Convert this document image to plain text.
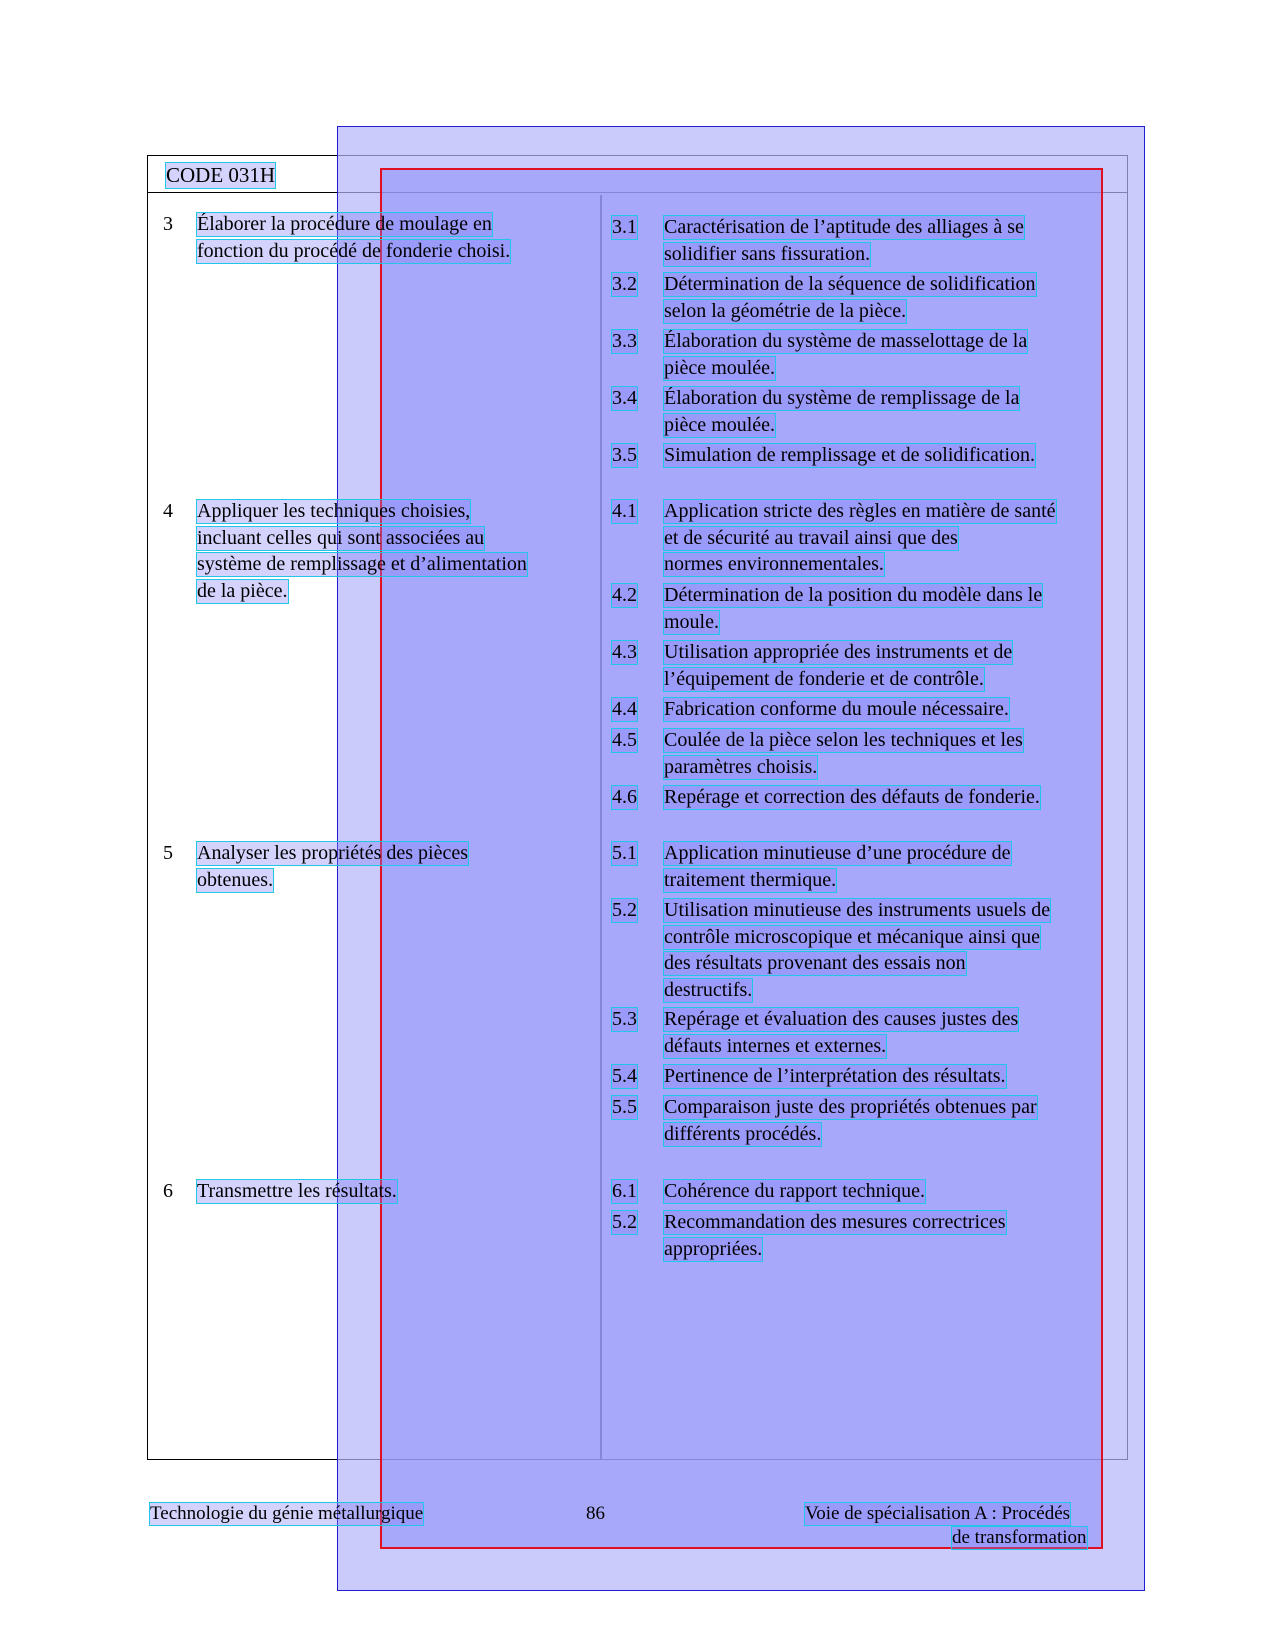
CODE 031H
3 Élaborer la procédure de moulage en
fonction du procédé de fonderie choisi.
4 Appliquer les techniques choisies,
incluant celles qui sont associées au
système de remplissage et d’alimentation
de la pièce.
5 Analyser les propriétés des pièces
obtenues.
6 Transmettre les résultats.
3.1 Caractérisation de l’aptitude des alliages à se
solidifier sans fissuration.
3.2 Détermination de la séquence de solidification
selon la géométrie de la pièce.
3.3 Élaboration du système de masselottage de la
pièce moulée.
3.4 Élaboration du système de remplissage de la
pièce moulée.
3.5 Simulation de remplissage et de solidification.
4.1 Application stricte des règles en matière de santé
et de sécurité au travail ainsi que des
normes environnementales.
4.2 Détermination de la position du modèle dans le
moule.
4.3 Utilisation appropriée des instruments et de
l’équipement de fonderie et de contrôle.
4.4 Fabrication conforme du moule nécessaire.
4.5 Coulée de la pièce selon les techniques et les
paramètres choisis.
4.6 Repérage et correction des défauts de fonderie.
5.1 Application minutieuse d’une procédure de
traitement thermique.
5.2 Utilisation minutieuse des instruments usuels de
contrôle microscopique et mécanique ainsi que
des résultats provenant des essais non
destructifs.
5.3 Repérage et évaluation des causes justes des
défauts internes et externes.
5.4 Pertinence de l’interprétation des résultats.
5.5 Comparaison juste des propriétés obtenues par
différents procédés.
6.1 Cohérence du rapport technique.
5.2 Recommandation des mesures correctrices
appropriées.
Technologie du génie métallurgique	86	Voie de spécialisation A : Procédés
de transformation
